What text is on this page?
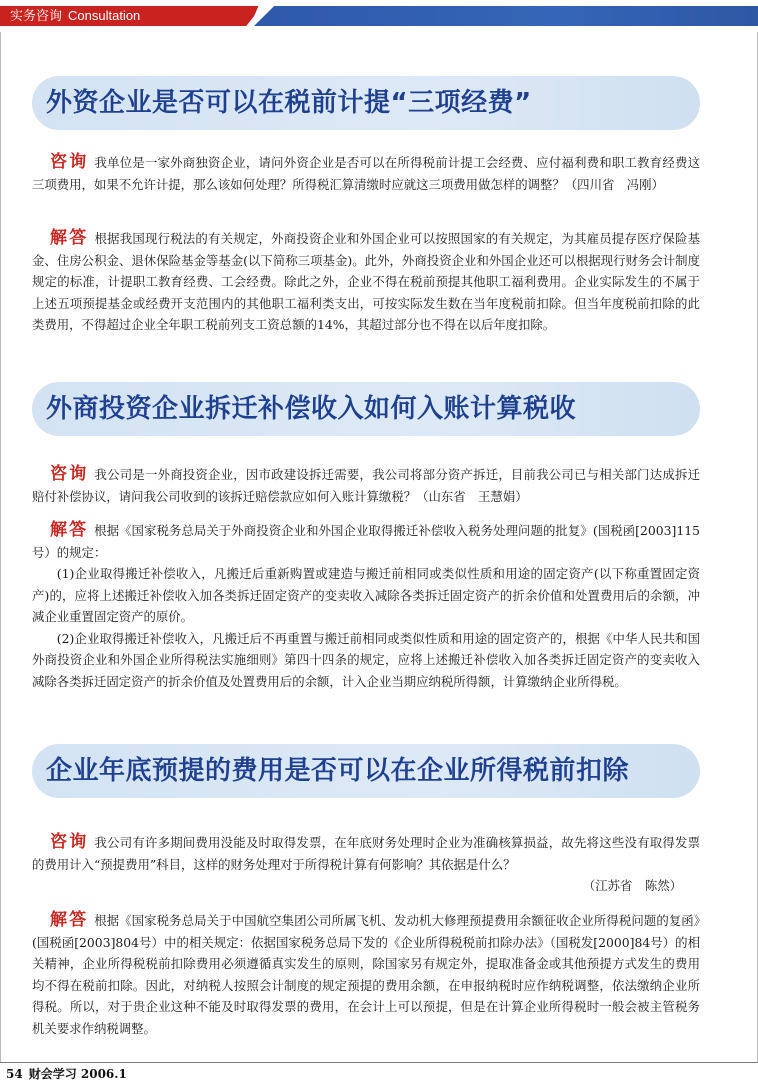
实务咨询 Consultation
外资企业是否可以在税前计提“三项经费”
咨询 我单位是一家外商独资企业，请问外资企业是否可以在所得税前计提工会经费、应付福利费和职工教育经费这三项费用，如果不允许计提，那么该如何处理？所得税汇算清缴时应就这三项费用做怎样的调整？（四川省　冯刚）
解答 根据我国现行税法的有关规定，外商投资企业和外国企业可以按照国家的有关规定，为其雇员提存医疗保险基金、住房公积金、退休保险基金等基金(以下简称三项基金)。此外，外商投资企业和外国企业还可以根据现行财务会计制度规定的标准，计提职工教育经费、工会经费。除此之外，企业不得在税前预提其他职工福利费用。企业实际发生的不属于上述五项预提基金或经费开支范围内的其他职工福利类支出，可按实际发生数在当年度税前扣除。但当年度税前扣除的此类费用，不得超过企业全年职工税前列支工资总额的14%，其超过部分也不得在以后年度扣除。
外商投资企业拆迁补偿收入如何入账计算税收
咨询 我公司是一外商投资企业，因市政建设拆迁需要，我公司将部分资产拆迁，目前我公司已与相关部门达成拆迁赔付补偿协议，请问我公司收到的该拆迁赔偿款应如何入账计算缴税？（山东省　王慧娟）
解答 根据《国家税务总局关于外商投资企业和外国企业取得搬迁补偿收入税务处理问题的批复》(国税函[2003]115号）的规定：
(1)企业取得搬迁补偿收入，凡搬迁后重新购置或建造与搬迁前相同或类似性质和用途的固定资产(以下称重置固定资产)的，应将上述搬迁补偿收入加各类拆迁固定资产的变卖收入减除各类拆迁固定资产的折余价值和处置费用后的余额，冲减企业重置固定资产的原价。
(2)企业取得搬迁补偿收入，凡搬迁后不再重置与搬迁前相同或类似性质和用途的固定资产的，根据《中华人民共和国外商投资企业和外国企业所得税法实施细则》第四十四条的规定，应将上述搬迁补偿收入加各类拆迁固定资产的变卖收入减除各类拆迁固定资产的折余价值及处置费用后的余额，计入企业当期应纳税所得额，计算缴纳企业所得税。
企业年底预提的费用是否可以在企业所得税前扣除
咨询 我公司有许多期间费用没能及时取得发票，在年底财务处理时企业为准确核算损益，故先将这些没有取得发票的费用计入“预提费用”科目，这样的财务处理对于所得税计算有何影响？其依据是什么？
（江苏省　陈然）
解答 根据《国家税务总局关于中国航空集团公司所属飞机、发动机大修理预提费用余额征收企业所得税问题的复函》(国税函[2003]804号）中的相关规定：依据国家税务总局下发的《企业所得税税前扣除办法》（国税发[2000]84号）的相关精神，企业所得税税前扣除费用必须遵循真实发生的原则，除国家另有规定外，提取准备金或其他预提方式发生的费用均不得在税前扣除。因此，对纳税人按照会计制度的规定预提的费用余额，在申报纳税时应作纳税调整，依法缴纳企业所得税。所以，对于贵企业这种不能及时取得发票的费用，在会计上可以预提，但是在计算企业所得税时一般会被主管税务机关要求作纳税调整。
54 财会学习 2006.1
